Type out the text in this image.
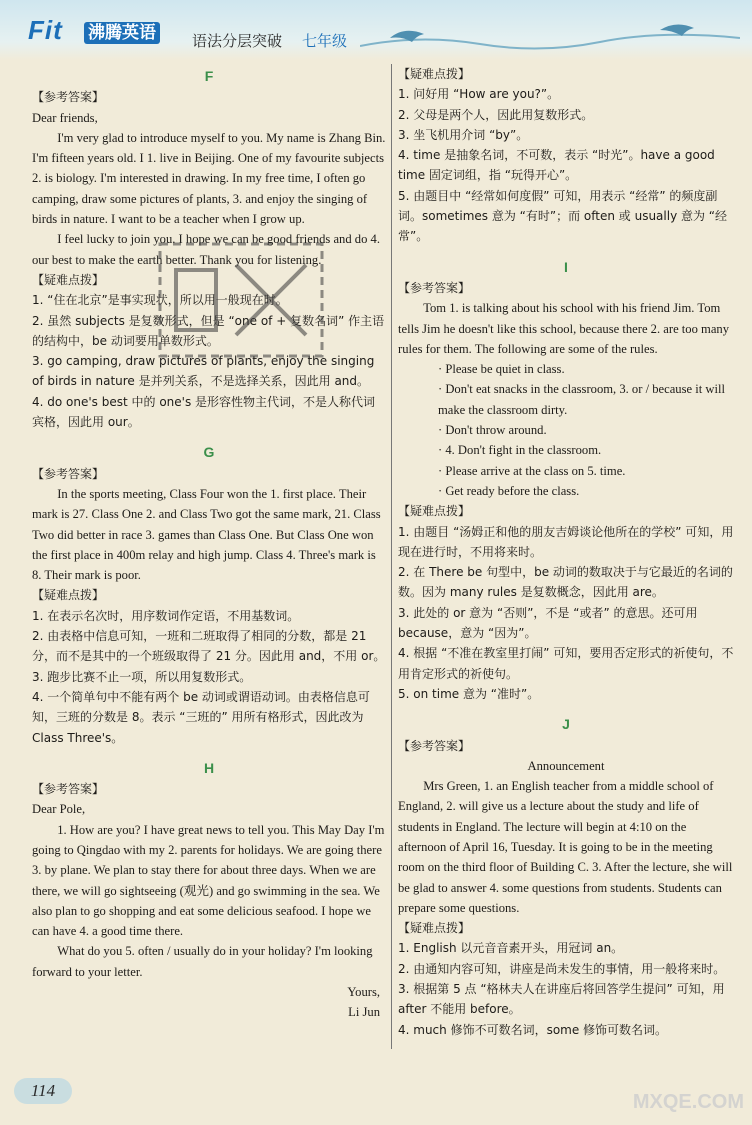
Fit 沸腾英语 语法分层突破 七年级
F

【参考答案】

Dear friends,

I'm very glad to introduce myself to you. My name is Zhang Bin. I'm fifteen years old. I 1. live in Beijing. One of my favourite subjects 2. is biology. I'm interested in drawing. In my free time, I often go camping, draw some pictures of plants, 3. and enjoy the singing of birds in nature. I want to be a teacher when I grow up.

I feel lucky to join you. I hope we can be good friends and do 4. our best to make the earth better. Thank you for listening.

【疑难点拨】

1. “住在北京”是事实现状，所以用一般现在时。

2. 虽然 subjects 是复数形式，但是 “one of + 复数名词” 作主语的结构中，be 动词要用单数形式。

3. go camping, draw pictures of plants, enjoy the singing of birds in nature 是并列关系，不是选择关系，因此用 and。

4. do one's best 中的 one's 是形容性物主代词，不是人称代词宾格，因此用 our。

G

【参考答案】

In the sports meeting, Class Four won the 1. first place. Their mark is 27. Class One 2. and Class Two got the same mark, 21. Class Two did better in race 3. games than Class One. But Class One won the first place in 400m relay and high jump. Class 4. Three's mark is 8. Their mark is poor.

【疑难点拨】

1. 在表示名次时，用序数词作定语，不用基数词。

2. 由表格中信息可知，一班和二班取得了相同的分数，都是 21 分，而不是其中的一个班级取得了 21 分。因此用 and，不用 or。

3. 跑步比赛不止一项，所以用复数形式。

4. 一个简单句中不能有两个 be 动词或谓语动词。由表格信息可知，三班的分数是 8。表示 “三班的” 用所有格形式，因此改为 Class Three's。

H

【参考答案】

Dear Pole,

1. How are you? I have great news to tell you. This May Day I'm going to Qingdao with my 2. parents for holidays. We are going there 3. by plane. We plan to stay there for about three days. When we are there, we will go sightseeing (观光) and go swimming in the sea. We also plan to go shopping and eat some delicious seafood. I hope we can have 4. a good time there.

What do you 5. often / usually do in your holiday? I'm looking forward to your letter.

Yours,

Li Jun

【疑难点拨】

1. 问好用 “How are you?”。

2. 父母是两个人，因此用复数形式。

3. 坐飞机用介词 “by”。

4. time 是抽象名词，不可数，表示 “时光”。have a good time 固定词组，指 “玩得开心”。

5. 由题目中 “经常如何度假” 可知，用表示 “经常” 的频度副词。sometimes 意为 “有时”；而 often 或 usually 意为 “经常”。

I

【参考答案】

Tom 1. is talking about his school with his friend Jim. Tom tells Jim he doesn't like this school, because there 2. are too many rules for them. The following are some of the rules.

· Please be quiet in class.

· Don't eat snacks in the classroom, 3. or / because it will make the classroom dirty.

· Don't throw around.

· 4. Don't fight in the classroom.

· Please arrive at the class on 5. time.

· Get ready before the class.

【疑难点拨】

1. 由题目 “汤姆正和他的朋友吉姆谈论他所在的学校” 可知，用现在进行时，不用将来时。

2. 在 There be 句型中，be 动词的数取决于与它最近的名词的数。因为 many rules 是复数概念，因此用 are。

3. 此处的 or 意为 “否则”，不是 “或者” 的意思。还可用 because，意为 “因为”。

4. 根据 “不准在教室里打闹” 可知，要用否定形式的祈使句，不用肯定形式的祈使句。

5. on time 意为 “准时”。

J

【参考答案】

Announcement

Mrs Green, 1. an English teacher from a middle school of England, 2. will give us a lecture about the study and life of students in England. The lecture will begin at 4:10 on the afternoon of April 16, Tuesday. It is going to be in the meeting room on the third floor of Building C. 3. After the lecture, she will be glad to answer 4. some questions from students. Students can prepare some questions.

【疑难点拨】

1. English 以元音音素开头，用冠词 an。

2. 由通知内容可知，讲座是尚未发生的事情，用一般将来时。

3. 根据第 5 点 “格林夫人在讲座后将回答学生提问” 可知，用 after 不能用 before。

4. much 修饰不可数名词，some 修饰可数名词。

114
MXQE.COM
